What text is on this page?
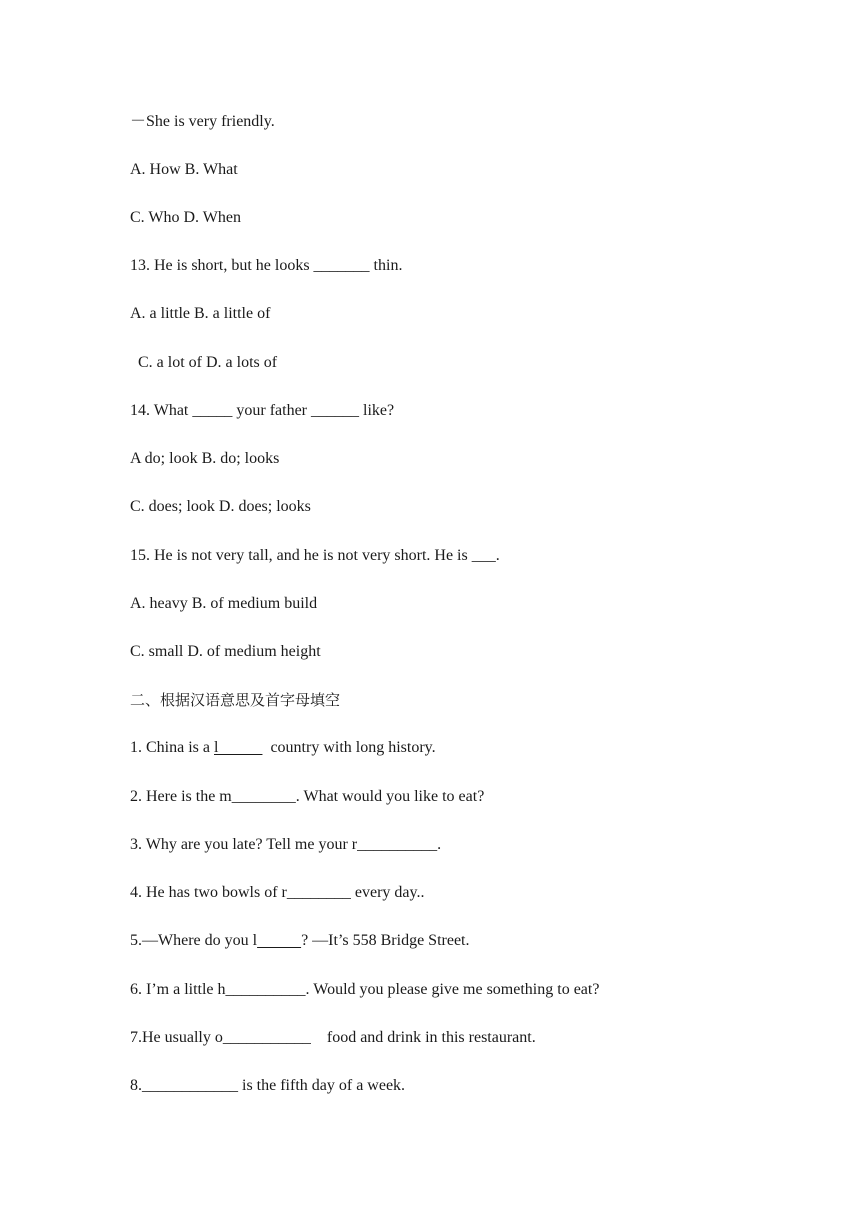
－She is very friendly.
A. How B. What
C. Who D. When
13. He is short, but he looks _______ thin.
A. a little B. a little of
C. a lot of D. a lots of
14. What _____ your father ______ like?
A do; look B. do; looks
C. does; look D. does; looks
15. He is not very tall, and he is not very short. He is ___.
A. heavy B. of medium build
C. small D. of medium height
二、根据汉语意思及首字母填空
1. China is a l             country with long history.
2. Here is the m________. What would you like to eat?
3. Why are you late? Tell me your r__________.
4. He has two bowls of r________ every day..
5.—Where do you l	? —It’s 558 Bridge Street.
6. I’m a little h__________. Would you please give me something to eat?
7.He usually o___________    food and drink in this restaurant.
8.____________ is the fifth day of a week.
